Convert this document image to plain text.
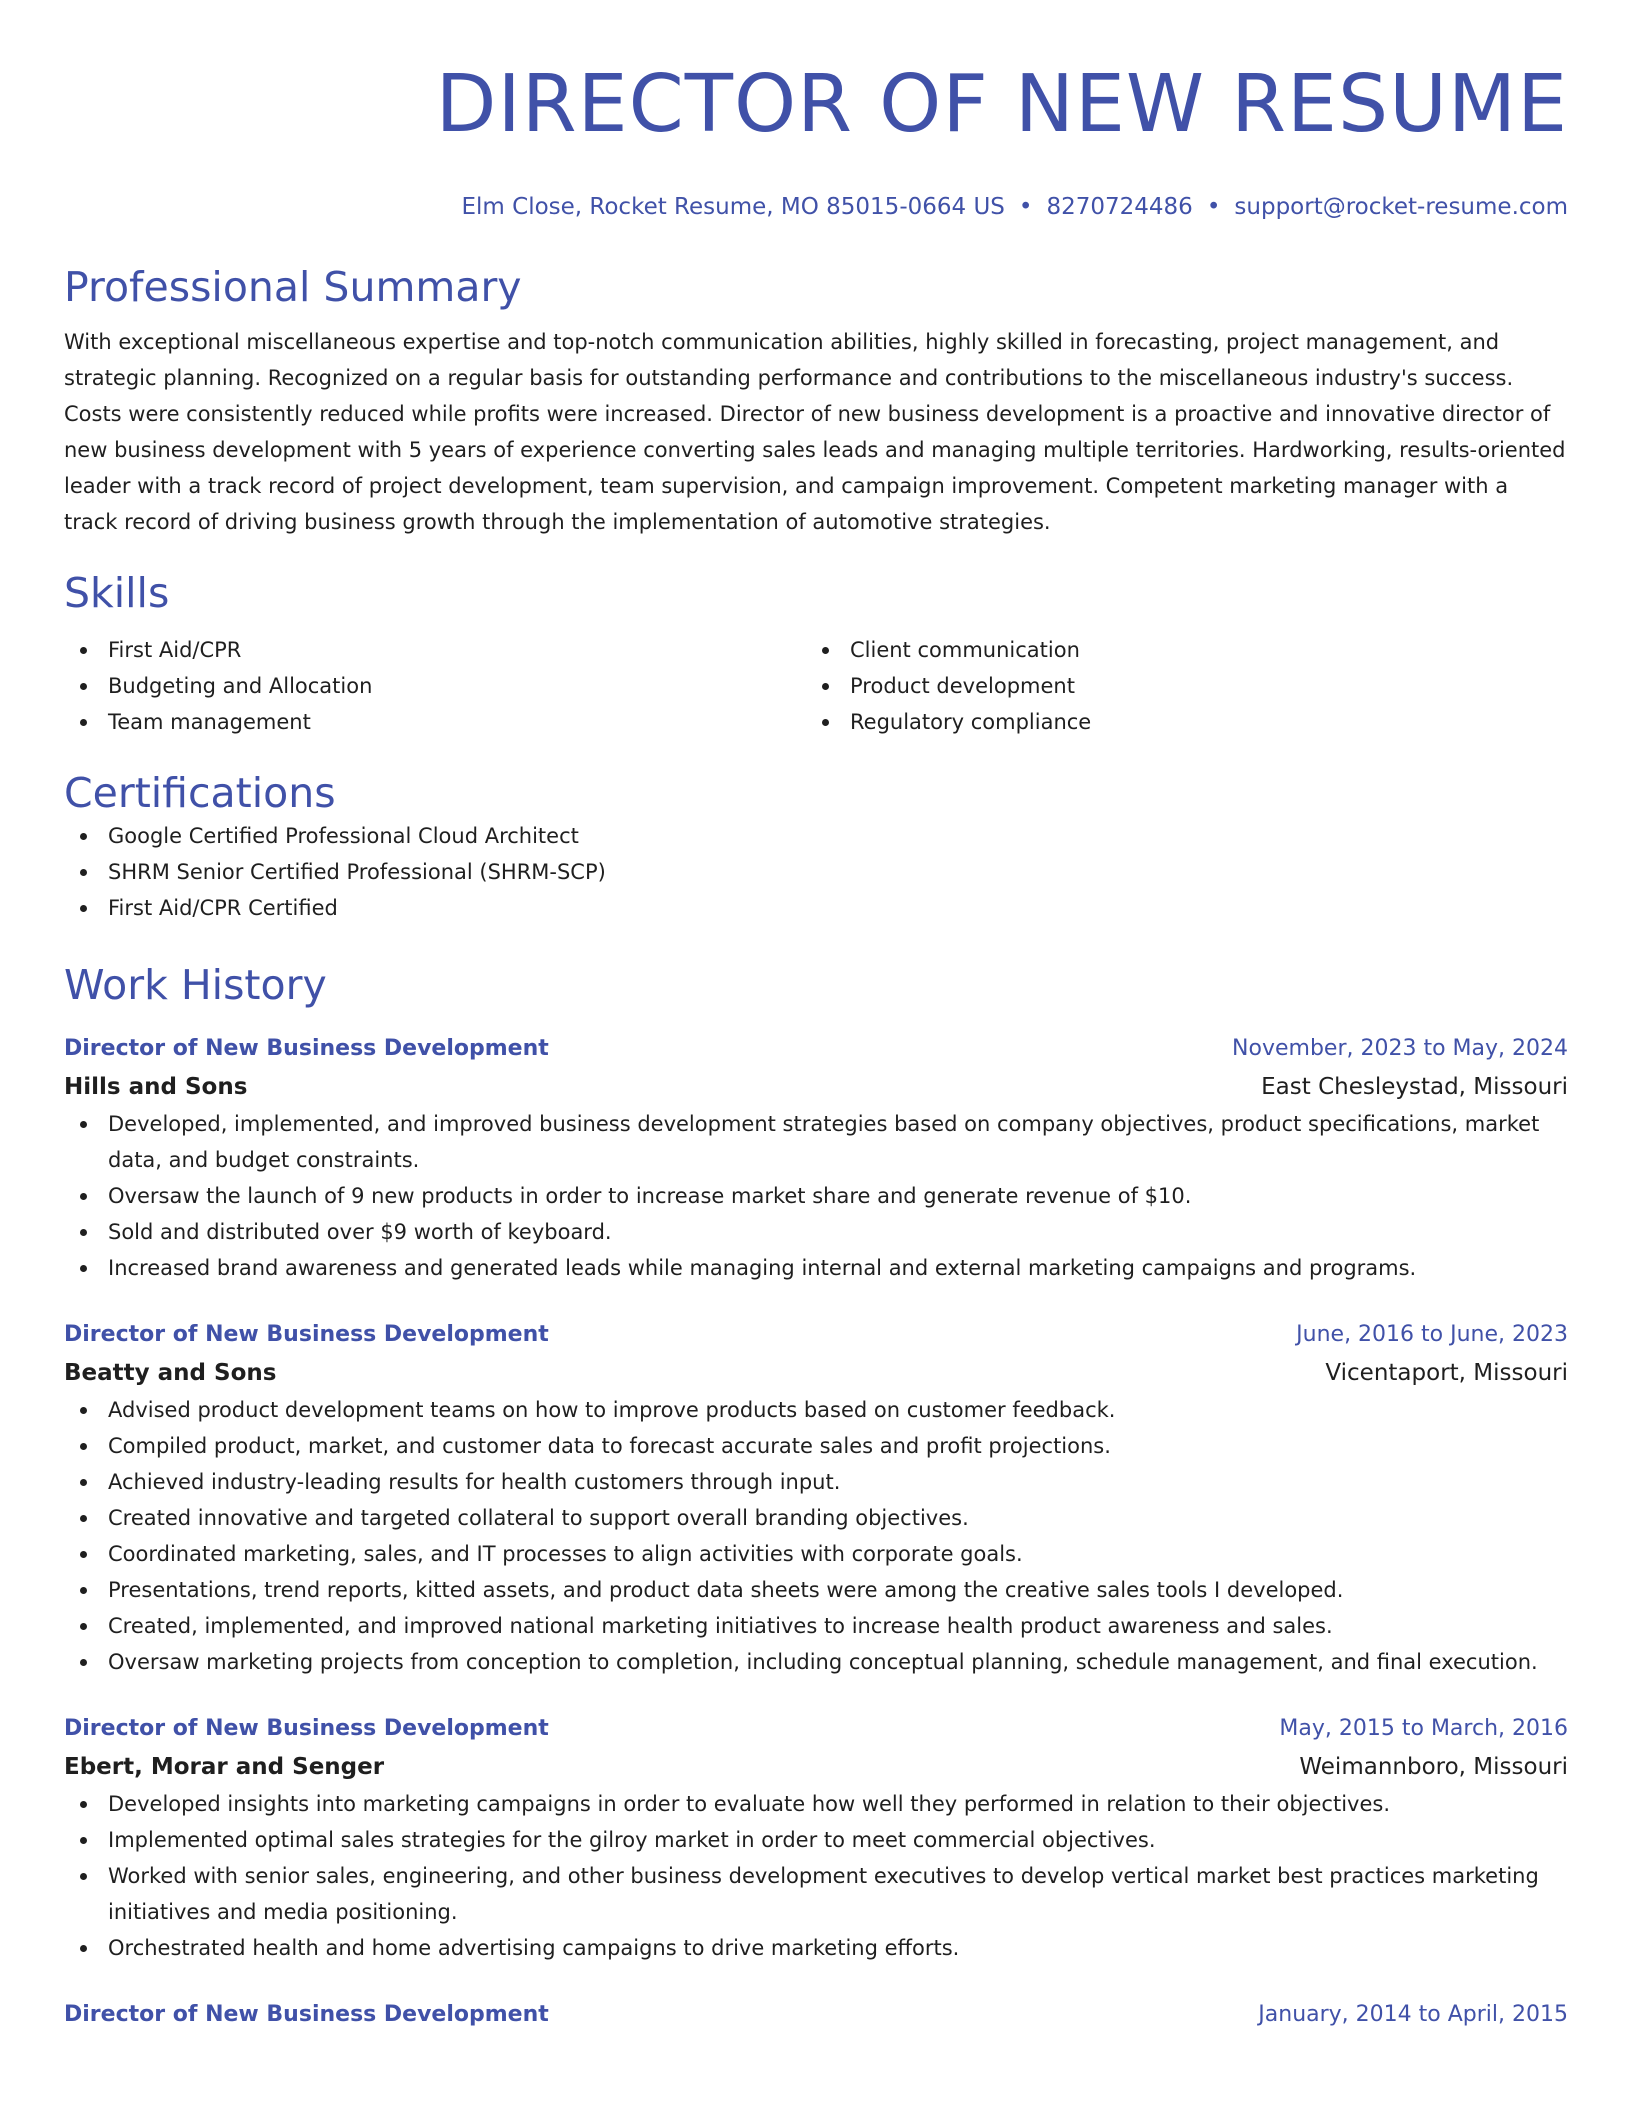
DIRECTOR OF NEW RESUME
Elm Close, Rocket Resume, MO 85015-0664 US • 8270724486 • support@rocket-resume.com
Professional Summary

With exceptional miscellaneous expertise and top-notch communication abilities, highly skilled in forecasting, project management, and strategic planning. Recognized on a regular basis for outstanding performance and contributions to the miscellaneous industry's success. Costs were consistently reduced while profits were increased. Director of new business development is a proactive and innovative director of new business development with 5 years of experience converting sales leads and managing multiple territories. Hardworking, results-oriented leader with a track record of project development, team supervision, and campaign improvement. Competent marketing manager with a track record of driving business growth through the implementation of automotive strategies.

Skills
First Aid/CPR
Budgeting and Allocation
Team management
Client communication
Product development
Regulatory compliance
Certifications
Google Certified Professional Cloud Architect
SHRM Senior Certified Professional (SHRM-SCP)
First Aid/CPR Certified
Work History
Director of New Business Development	November, 2023 to May, 2024
Hills and Sons	East Chesleystad, Missouri
Developed, implemented, and improved business development strategies based on company objectives, product specifications, market data, and budget constraints.
Oversaw the launch of 9 new products in order to increase market share and generate revenue of $10.
Sold and distributed over $9 worth of keyboard.
Increased brand awareness and generated leads while managing internal and external marketing campaigns and programs.
Director of New Business Development	June, 2016 to June, 2023
Beatty and Sons	Vicentaport, Missouri
Advised product development teams on how to improve products based on customer feedback.
Compiled product, market, and customer data to forecast accurate sales and profit projections.
Achieved industry-leading results for health customers through input.
Created innovative and targeted collateral to support overall branding objectives.
Coordinated marketing, sales, and IT processes to align activities with corporate goals.
Presentations, trend reports, kitted assets, and product data sheets were among the creative sales tools I developed.
Created, implemented, and improved national marketing initiatives to increase health product awareness and sales.
Oversaw marketing projects from conception to completion, including conceptual planning, schedule management, and final execution.
Director of New Business Development	May, 2015 to March, 2016
Ebert, Morar and Senger	Weimannboro, Missouri
Developed insights into marketing campaigns in order to evaluate how well they performed in relation to their objectives.
Implemented optimal sales strategies for the gilroy market in order to meet commercial objectives.
Worked with senior sales, engineering, and other business development executives to develop vertical market best practices marketing initiatives and media positioning.
Orchestrated health and home advertising campaigns to drive marketing efforts.
Director of New Business Development	January, 2014 to April, 2015
